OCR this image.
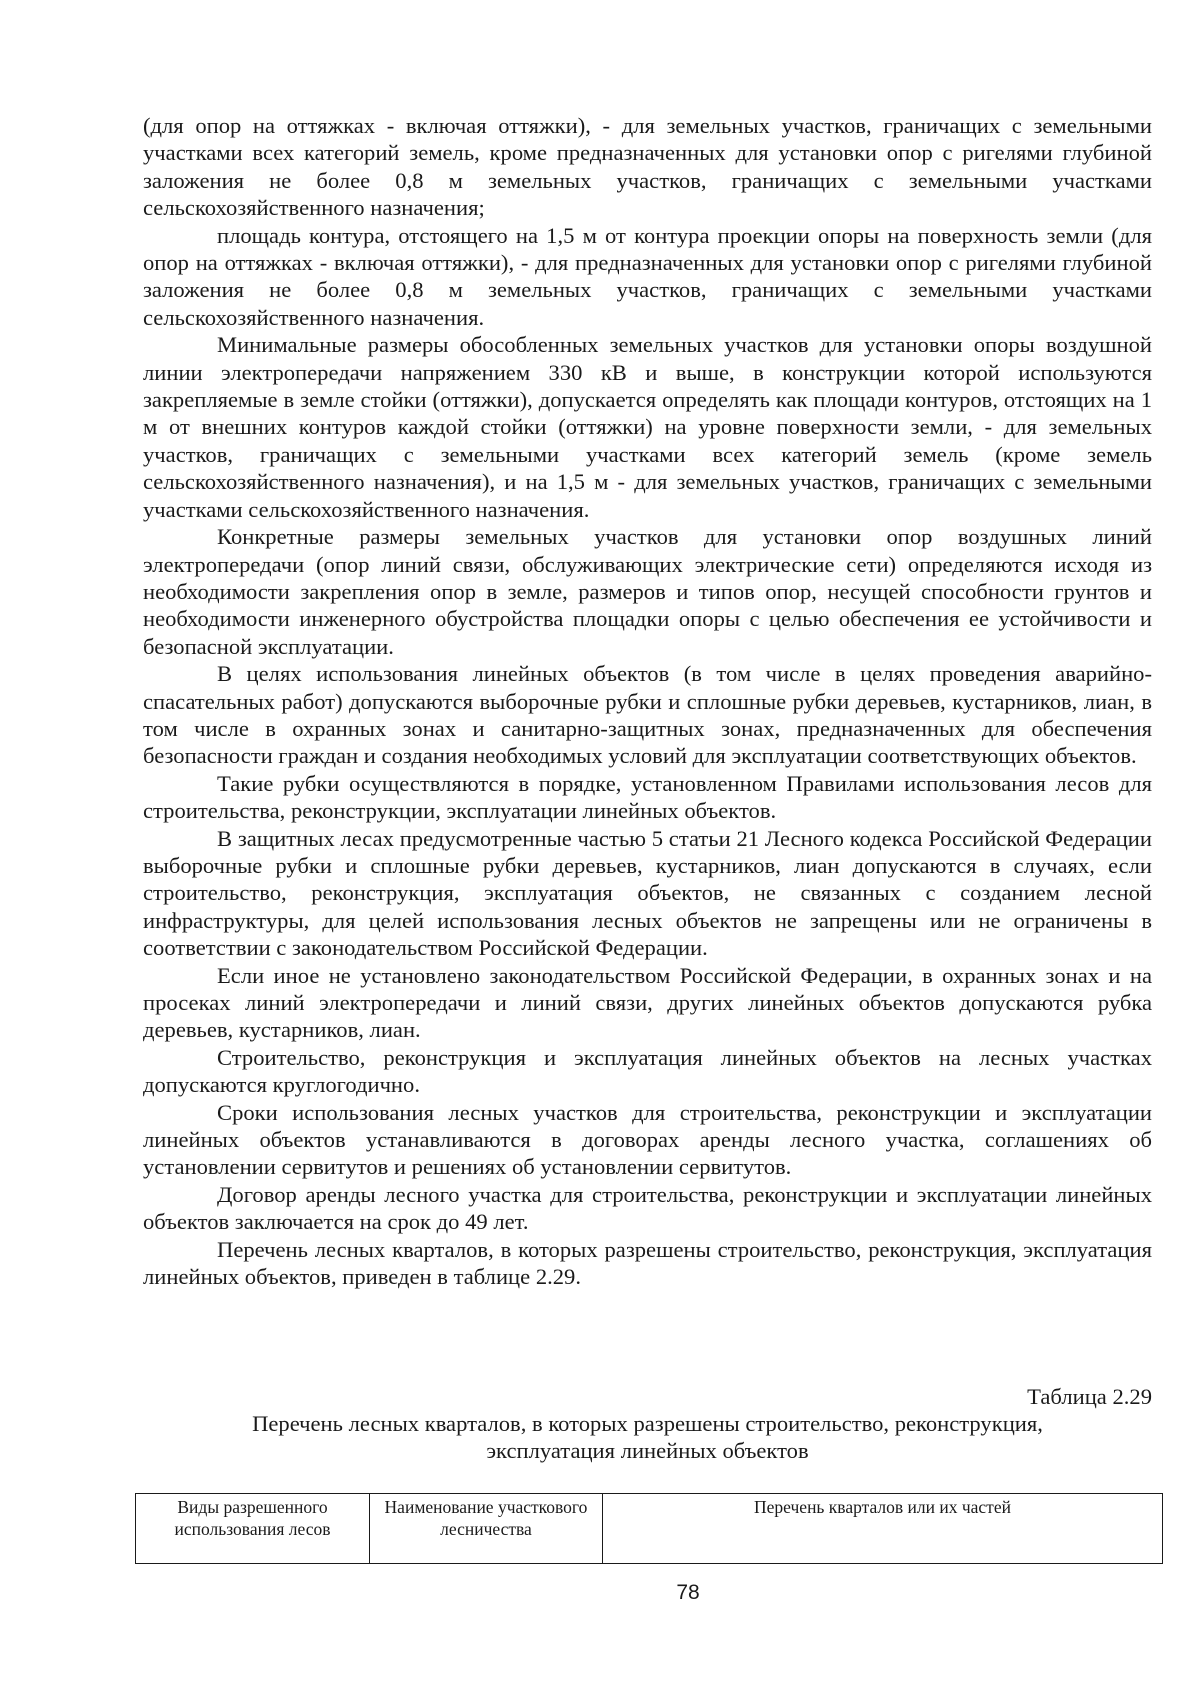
(для опор на оттяжках - включая оттяжки), - для земельных участков, граничащих с земельными участками всех категорий земель, кроме предназначенных для установки опор с ригелями глубиной заложения не более 0,8 м земельных участков, граничащих с земельными участками сельскохозяйственного назначения;

площадь контура, отстоящего на 1,5 м от контура проекции опоры на поверхность земли (для опор на оттяжках - включая оттяжки), - для предназначенных для установки опор с ригелями глубиной заложения не более 0,8 м земельных участков, граничащих с земельными участками сельскохозяйственного назначения.

Минимальные размеры обособленных земельных участков для установки опоры воздушной линии электропередачи напряжением 330 кВ и выше, в конструкции которой используются закрепляемые в земле стойки (оттяжки), допускается определять как площади контуров, отстоящих на 1 м от внешних контуров каждой стойки (оттяжки) на уровне поверхности земли, - для земельных участков, граничащих с земельными участками всех категорий земель (кроме земель сельскохозяйственного назначения), и на 1,5 м - для земельных участков, граничащих с земельными участками сельскохозяйственного назначения.

Конкретные размеры земельных участков для установки опор воздушных линий электропередачи (опор линий связи, обслуживающих электрические сети) определяются исходя из необходимости закрепления опор в земле, размеров и типов опор, несущей способности грунтов и необходимости инженерного обустройства площадки опоры с целью обеспечения ее устойчивости и безопасной эксплуатации.

В целях использования линейных объектов (в том числе в целях проведения аварийно-спасательных работ) допускаются выборочные рубки и сплошные рубки деревьев, кустарников, лиан, в том числе в охранных зонах и санитарно-защитных зонах, предназначенных для обеспечения безопасности граждан и создания необходимых условий для эксплуатации соответствующих объектов.

Такие рубки осуществляются в порядке, установленном Правилами использования лесов для строительства, реконструкции, эксплуатации линейных объектов.

В защитных лесах предусмотренные частью 5 статьи 21 Лесного кодекса Российской Федерации выборочные рубки и сплошные рубки деревьев, кустарников, лиан допускаются в случаях, если строительство, реконструкция, эксплуатация объектов, не связанных с созданием лесной инфраструктуры, для целей использования лесных объектов не запрещены или не ограничены в соответствии с законодательством Российской Федерации.

Если иное не установлено законодательством Российской Федерации, в охранных зонах и на просеках линий электропередачи и линий связи, других линейных объектов допускаются рубка деревьев, кустарников, лиан.

Строительство, реконструкция и эксплуатация линейных объектов на лесных участках допускаются круглогодично.

Сроки использования лесных участков для строительства, реконструкции и эксплуатации линейных объектов устанавливаются в договорах аренды лесного участка, соглашениях об установлении сервитутов и решениях об установлении сервитутов.

Договор аренды лесного участка для строительства, реконструкции и эксплуатации линейных объектов заключается на срок до 49 лет.

Перечень лесных кварталов, в которых разрешены строительство, реконструкция, эксплуатация линейных объектов, приведен в таблице 2.29.

Таблица 2.29
Перечень лесных кварталов, в которых разрешены строительство, реконструкция,
эксплуатация линейных объектов
Виды разрешенного использования лесов	Наименование участкового лесничества	Перечень кварталов или их частей
78
